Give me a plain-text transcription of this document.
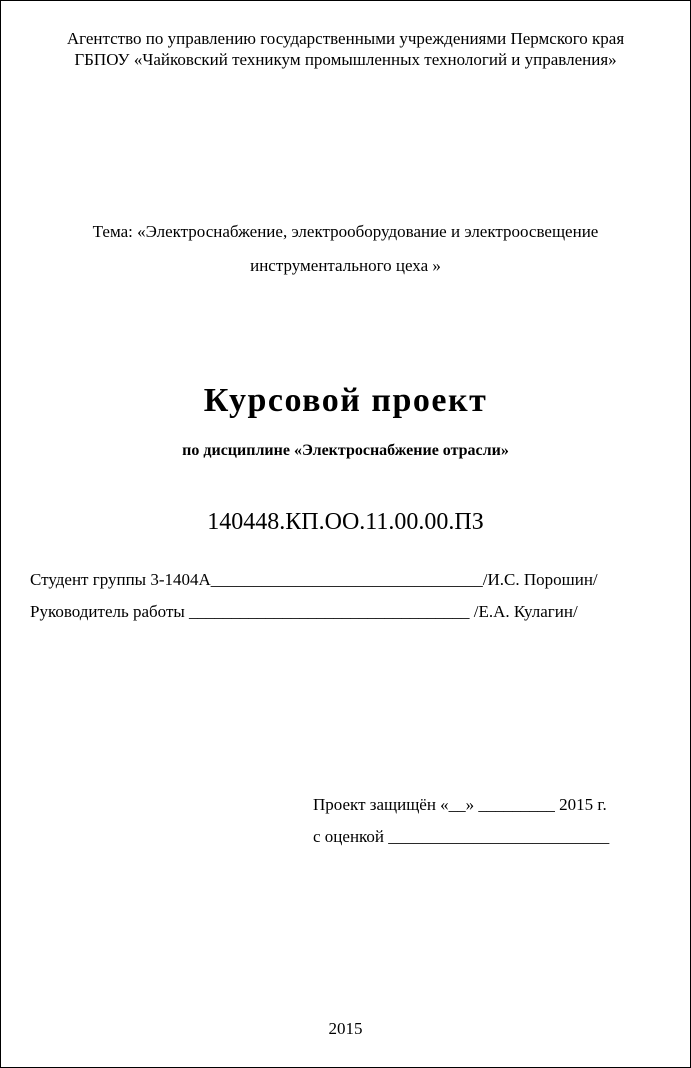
Агентство по управлению государственными учреждениями Пермского края
ГБПОУ «Чайковский техникум промышленных технологий и управления»
Тема: «Электроснабжение, электрооборудование и электроосвещение
инструментального цеха »
Курсовой проект
по дисциплине «Электроснабжение отрасли»
140448.КП.ОО.11.00.00.ПЗ
Студент группы 3-1404А________________________________/И.С. Порошин/
Руководитель работы _________________________________ /Е.А. Кулагин/
Проект защищён «__» _________ 2015 г.
с оценкой __________________________
2015
